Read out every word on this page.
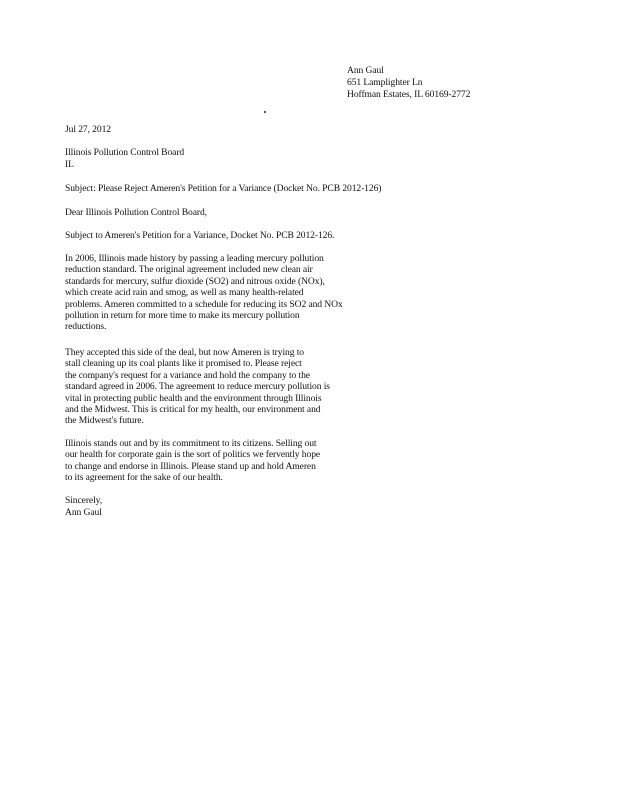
Ann Gaul
651 Lamplighter Ln
Hoffman Estates, IL 60169-2772
Jul 27, 2012
Illinois Pollution Control Board
IL
Subject: Please Reject Ameren's Petition for a Variance (Docket No. PCB 2012-126)
Dear Illinois Pollution Control Board,
Subject to Ameren's Petition for a Variance, Docket No. PCB 2012-126.
In 2006, Illinois made history by passing a leading mercury pollution
reduction standard. The original agreement included new clean air
standards for mercury, sulfur dioxide (SO2) and nitrous oxide (NOx),
which create acid rain and smog, as well as many health-related
problems. Ameren committed to a schedule for reducing its SO2 and NOx
pollution in return for more time to make its mercury pollution
reductions.
They accepted this side of the deal, but now Ameren is trying to
stall cleaning up its coal plants like it promised to. Please reject
the company's request for a variance and hold the company to the
standard agreed in 2006. The agreement to reduce mercury pollution is
vital in protecting public health and the environment through Illinois
and the Midwest. This is critical for my health, our environment and
the Midwest's future.
Illinois stands out and by its commitment to its citizens. Selling out
our health for corporate gain is the sort of politics we fervently hope
to change and endorse in Illinois. Please stand up and hold Ameren
to its agreement for the sake of our health.
Sincerely,
Ann Gaul
